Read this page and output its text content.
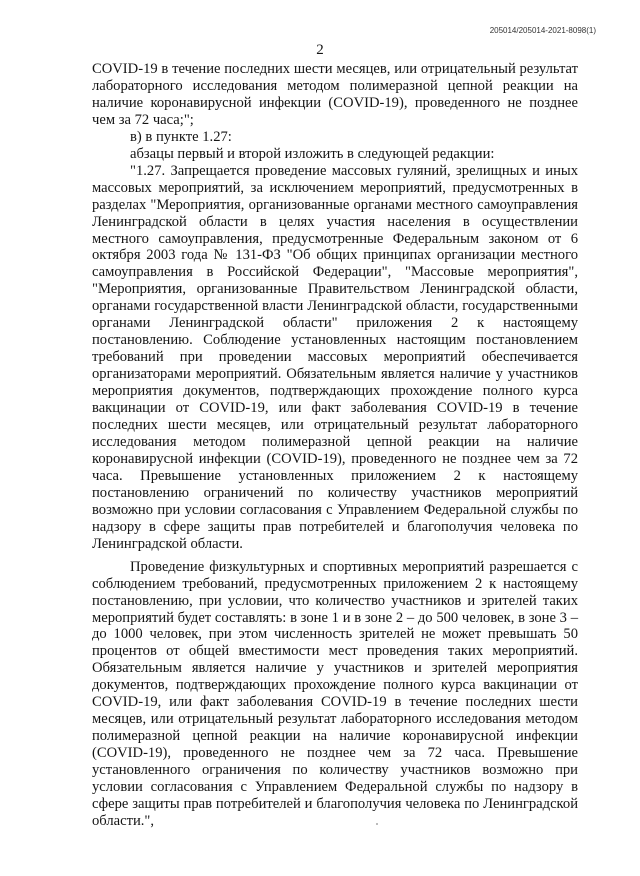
205014/205014-2021-8098(1)
2

COVID-19 в течение последних шести месяцев, или отрицательный результат лабораторного исследования методом полимеразной цепной реакции на наличие коронавирусной инфекции (COVID-19), проведенного не позднее чем за 72 часа;";

в) в пункте 1.27:

абзацы первый и второй изложить в следующей редакции:

"1.27. Запрещается проведение массовых гуляний, зрелищных и иных массовых мероприятий, за исключением мероприятий, предусмотренных в разделах "Мероприятия, организованные органами местного самоуправления Ленинградской области в целях участия населения в осуществлении местного самоуправления, предусмотренные Федеральным законом от 6 октября 2003 года № 131-ФЗ "Об общих принципах организации местного самоуправления в Российской Федерации", "Массовые мероприятия", "Мероприятия, организованные Правительством Ленинградской области, органами государственной власти Ленинградской области, государственными органами Ленинградской области" приложения 2 к настоящему постановлению. Соблюдение установленных настоящим постановлением требований при проведении массовых мероприятий обеспечивается организаторами мероприятий. Обязательным является наличие у участников мероприятия документов, подтверждающих прохождение полного курса вакцинации от COVID-19, или факт заболевания COVID-19 в течение последних шести месяцев, или отрицательный результат лабораторного исследования методом полимеразной цепной реакции на наличие коронавирусной инфекции (COVID-19), проведенного не позднее чем за 72 часа. Превышение установленных приложением 2 к настоящему постановлению ограничений по количеству участников мероприятий возможно при условии согласования с Управлением Федеральной службы по надзору в сфере защиты прав потребителей и благополучия человека по Ленинградской области.

Проведение физкультурных и спортивных мероприятий разрешается с соблюдением требований, предусмотренных приложением 2 к настоящему постановлению, при условии, что количество участников и зрителей таких мероприятий будет составлять: в зоне 1 и в зоне 2 – до 500 человек, в зоне 3 – до 1000 человек, при этом численность зрителей не может превышать 50 процентов от общей вместимости мест проведения таких мероприятий. Обязательным является наличие у участников и зрителей мероприятия документов, подтверждающих прохождение полного курса вакцинации от COVID-19, или факт заболевания COVID-19 в течение последних шести месяцев, или отрицательный результат лабораторного исследования методом полимеразной цепной реакции на наличие коронавирусной инфекции (COVID-19), проведенного не позднее чем за 72 часа. Превышение установленного ограничения по количеству участников возможно при условии согласования с Управлением Федеральной службы по надзору в сфере защиты прав потребителей и благополучия человека по Ленинградской области.",
